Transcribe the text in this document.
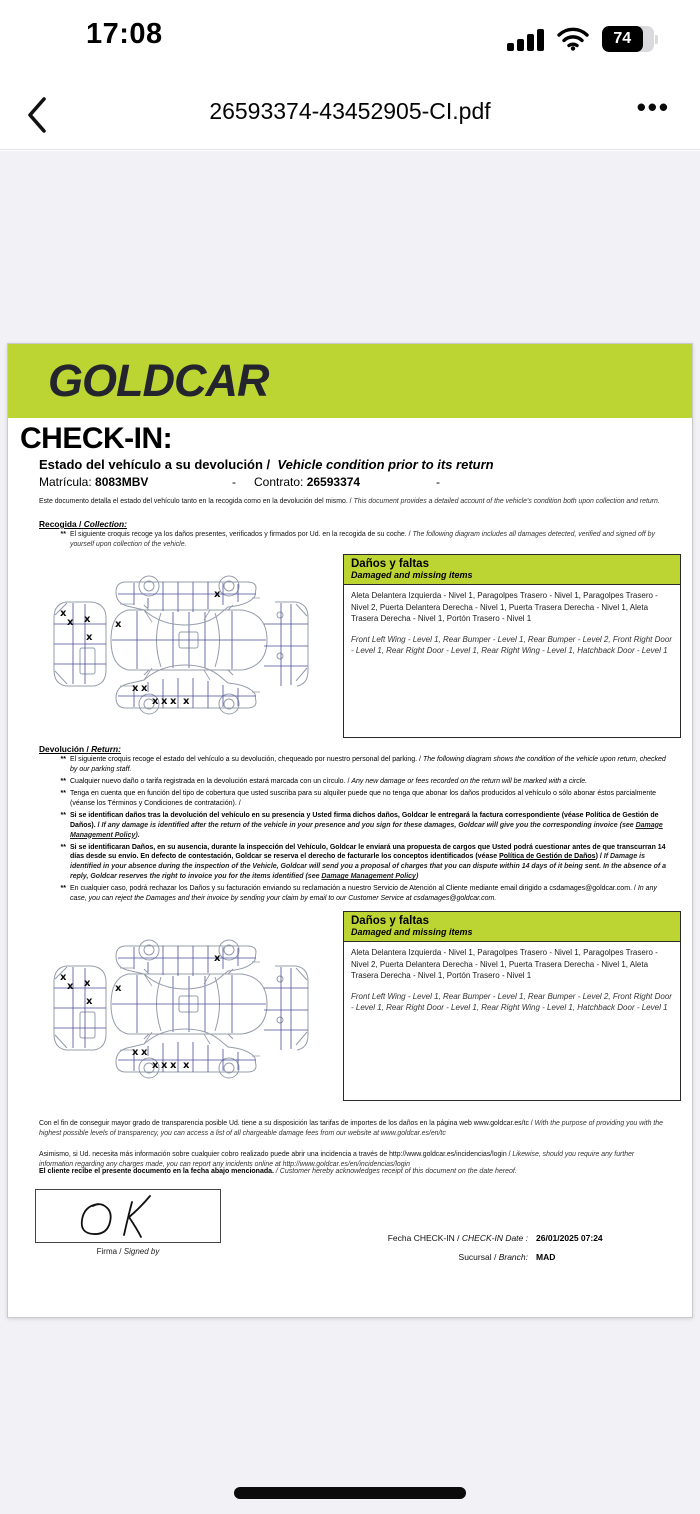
17:08	74
26593374-43452905-CI.pdf	•••
GOLDCAR
CHECK-IN:
Estado del vehículo a su devolución / Vehicle condition prior to its return
Matrícula: 8083MBV	- Contrato: 26593374	-
Este documento detalla el estado del vehículo tanto en la recogida como en la devolución del mismo. / This document provides a detailed account of the vehicle's condition both upon collection and return.
Recogida / Collection:
** El siguiente croquis recoge ya los daños presentes, verificados y firmados por Ud. en la recogida de su coche. / The following diagram includes all damages detected, verified and signed off by yourself upon collection of the vehicle.
Daños y faltas
Damaged and missing items
Aleta Delantera Izquierda - Nivel 1, Paragolpes Trasero - Nivel 1, Paragolpes Trasero - Nivel 2, Puerta Delantera Derecha - Nivel 1, Puerta Trasera Derecha - Nivel 1, Aleta Trasera Derecha - Nivel 1, Portón Trasero - Nivel 1
Front Left Wing - Level 1, Rear Bumper - Level 1, Rear Bumper - Level 2, Front Right Door - Level 1, Rear Right Door - Level 1, Rear Right Wing - Level 1, Hatchback Door - Level 1
Devolución / Return:
** El siguiente croquis recoge el estado del vehículo a su devolución, chequeado por nuestro personal del parking. / The following diagram shows the condition of the vehicle upon return, checked by our parking staff.
** Cualquier nuevo daño o tarifa registrada en la devolución estará marcada con un círculo. / Any new damage or fees recorded on the return will be marked with a circle.
** Tenga en cuenta que en función del tipo de cobertura que usted suscriba para su alquiler puede que no tenga que abonar los daños producidos al vehículo o sólo abonar éstos parcialmente (véanse los Términos y Condiciones de contratación). /
** Si se identifican daños tras la devolución del vehículo en su presencia y Usted firma dichos daños, Goldcar le entregará la factura correspondiente (véase Política de Gestión de Daños). / If any damage is identified after the return of the vehicle in your presence and you sign for these damages, Goldcar will give you the corresponding invoice (see Damage Management Policy).
** Si se identificaran Daños, en su ausencia, durante la inspección del Vehículo, Goldcar le enviará una propuesta de cargos que Usted podrá cuestionar antes de que transcurran 14 días desde su envío. En defecto de contestación, Goldcar se reserva el derecho de facturarle los conceptos identificados (véase Política de Gestión de Daños) / If Damage is identified in your absence during the inspection of the Vehicle, Goldcar will send you a proposal of charges that you can dispute within 14 days of it being sent. In the absence of a reply, Goldcar reserves the right to invoice you for the items identified (see Damage Management Policy)
** En cualquier caso, podrá rechazar los Daños y su facturación enviando su reclamación a nuestro Servicio de Atención al Cliente mediante email dirigido a csdamages@goldcar.com. / In any case, you can reject the Damages and their invoice by sending your claim by email to our Customer Service at csdamages@goldcar.com.
Daños y faltas
Damaged and missing items
Aleta Delantera Izquierda - Nivel 1, Paragolpes Trasero - Nivel 1, Paragolpes Trasero - Nivel 2, Puerta Delantera Derecha - Nivel 1, Puerta Trasera Derecha - Nivel 1, Aleta Trasera Derecha - Nivel 1, Portón Trasero - Nivel 1
Front Left Wing - Level 1, Rear Bumper - Level 1, Rear Bumper - Level 2, Front Right Door - Level 1, Rear Right Door - Level 1, Rear Right Wing - Level 1, Hatchback Door - Level 1
Con el fin de conseguir mayor grado de transparencia posible Ud. tiene a su disposición las tarifas de importes de los daños en la página web www.goldcar.es/tc / With the purpose of providing you with the highest possible levels of transparency, you can access a list of all chargeable damage fees from our website at www.goldcar.es/en/tc
Asimismo, si Ud. necesita más información sobre cualquier cobro realizado puede abrir una incidencia a través de http://www.goldcar.es/incidencias/login / Likewise, should you require any further information regarding any charges made, you can report any incidents online at http://www.goldcar.es/en/incidencias/login
El cliente recibe el presente documento en la fecha abajo mencionada. / Customer hereby acknowledges receipt of this document on the date hereof.
Firma / Signed by
Fecha CHECK-IN / CHECK-IN Date : 26/01/2025 07:24
Sucursal / Branch: MAD
